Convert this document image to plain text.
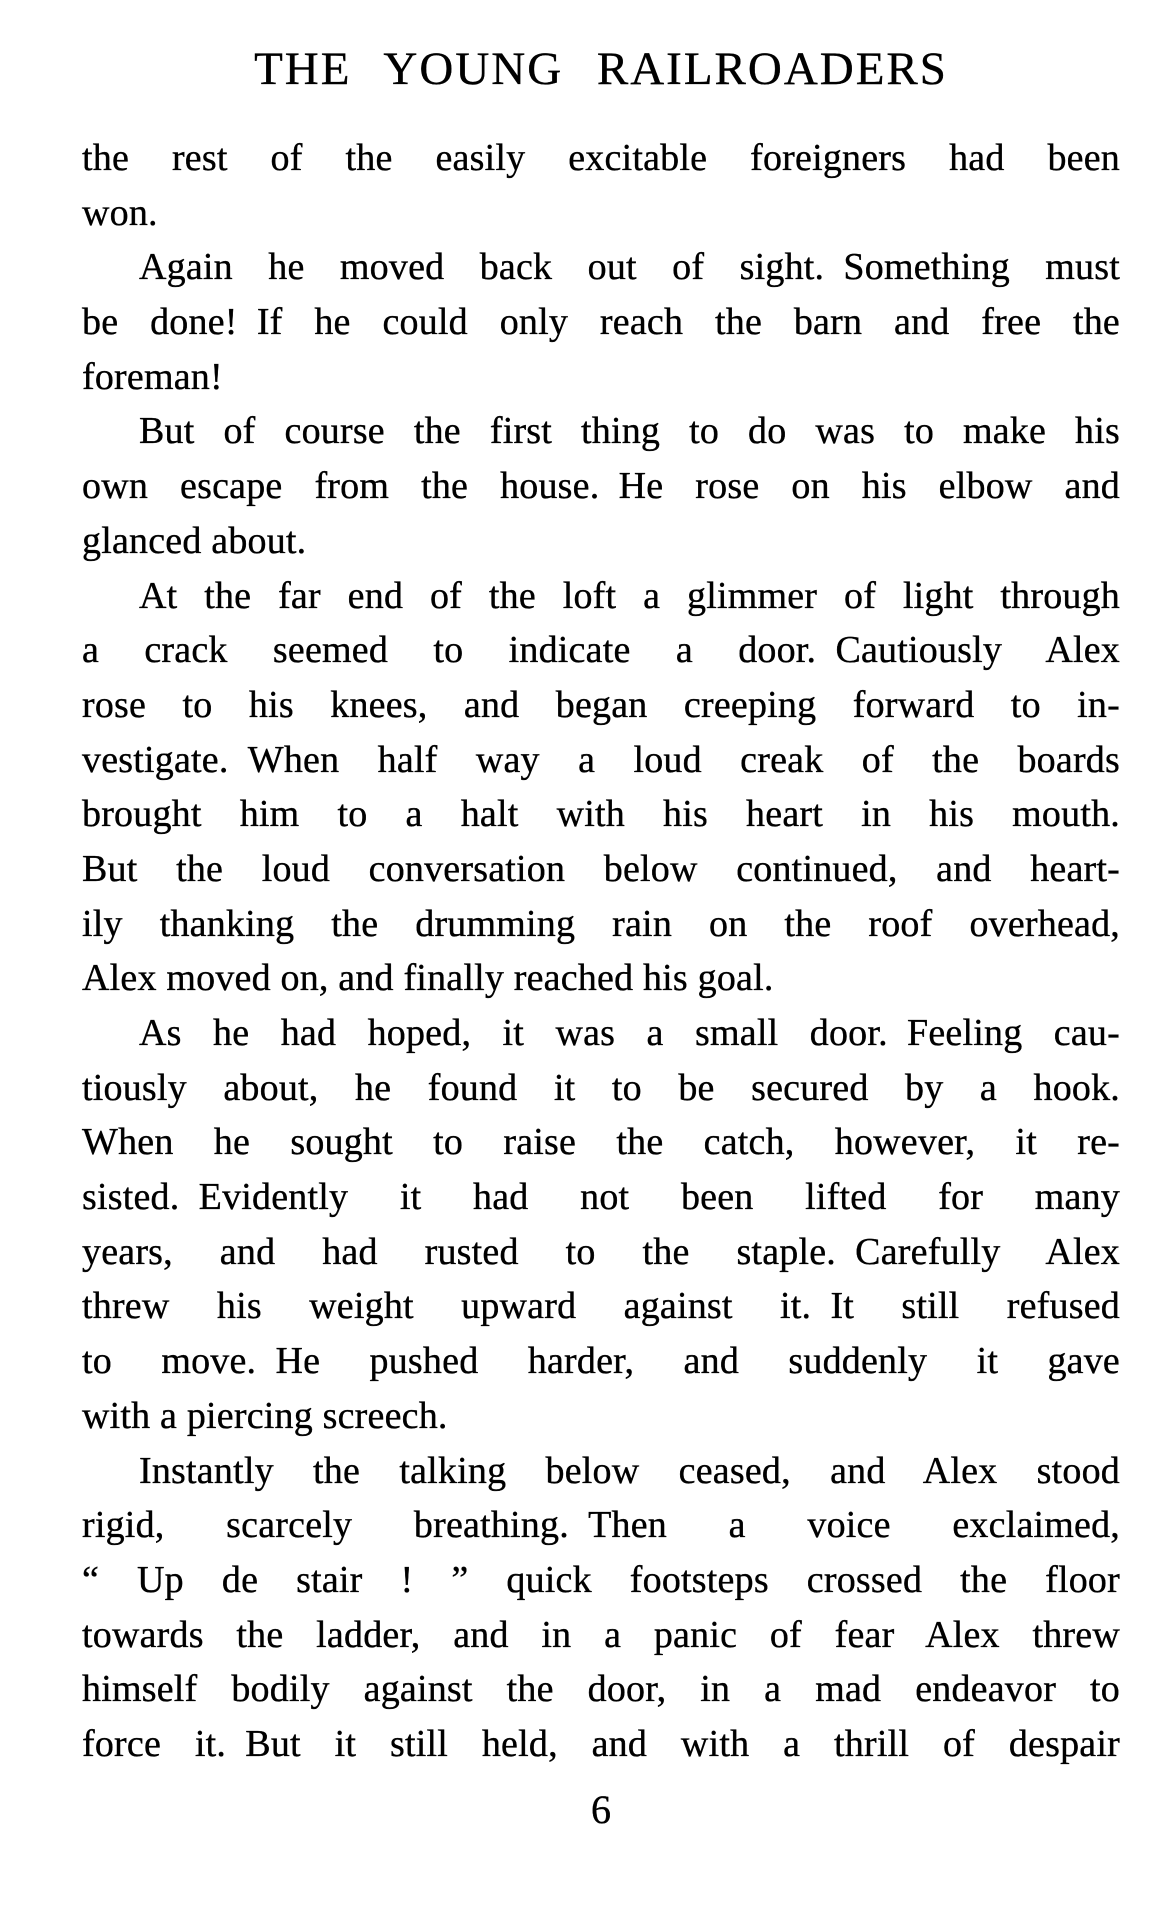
THE YOUNG RAILROADERS
the rest of the easily excitable foreigners had been
won.
Again he moved back out of sight. Something must
be done! If he could only reach the barn and free the
foreman!
But of course the first thing to do was to make his
own escape from the house. He rose on his elbow and
glanced about.
At the far end of the loft a glimmer of light through
a crack seemed to indicate a door. Cautiously Alex
rose to his knees, and began creeping forward to in-
vestigate. When half way a loud creak of the boards
brought him to a halt with his heart in his mouth.
But the loud conversation below continued, and heart-
ily thanking the drumming rain on the roof overhead,
Alex moved on, and finally reached his goal.
As he had hoped, it was a small door. Feeling cau-
tiously about, he found it to be secured by a hook.
When he sought to raise the catch, however, it re-
sisted. Evidently it had not been lifted for many
years, and had rusted to the staple. Carefully Alex
threw his weight upward against it. It still refused
to move. He pushed harder, and suddenly it gave
with a piercing screech.
Instantly the talking below ceased, and Alex stood
rigid, scarcely breathing. Then a voice exclaimed,
“ Up de stair ! ” quick footsteps crossed the floor
towards the ladder, and in a panic of fear Alex threw
himself bodily against the door, in a mad endeavor to
force it. But it still held, and with a thrill of despair
6
